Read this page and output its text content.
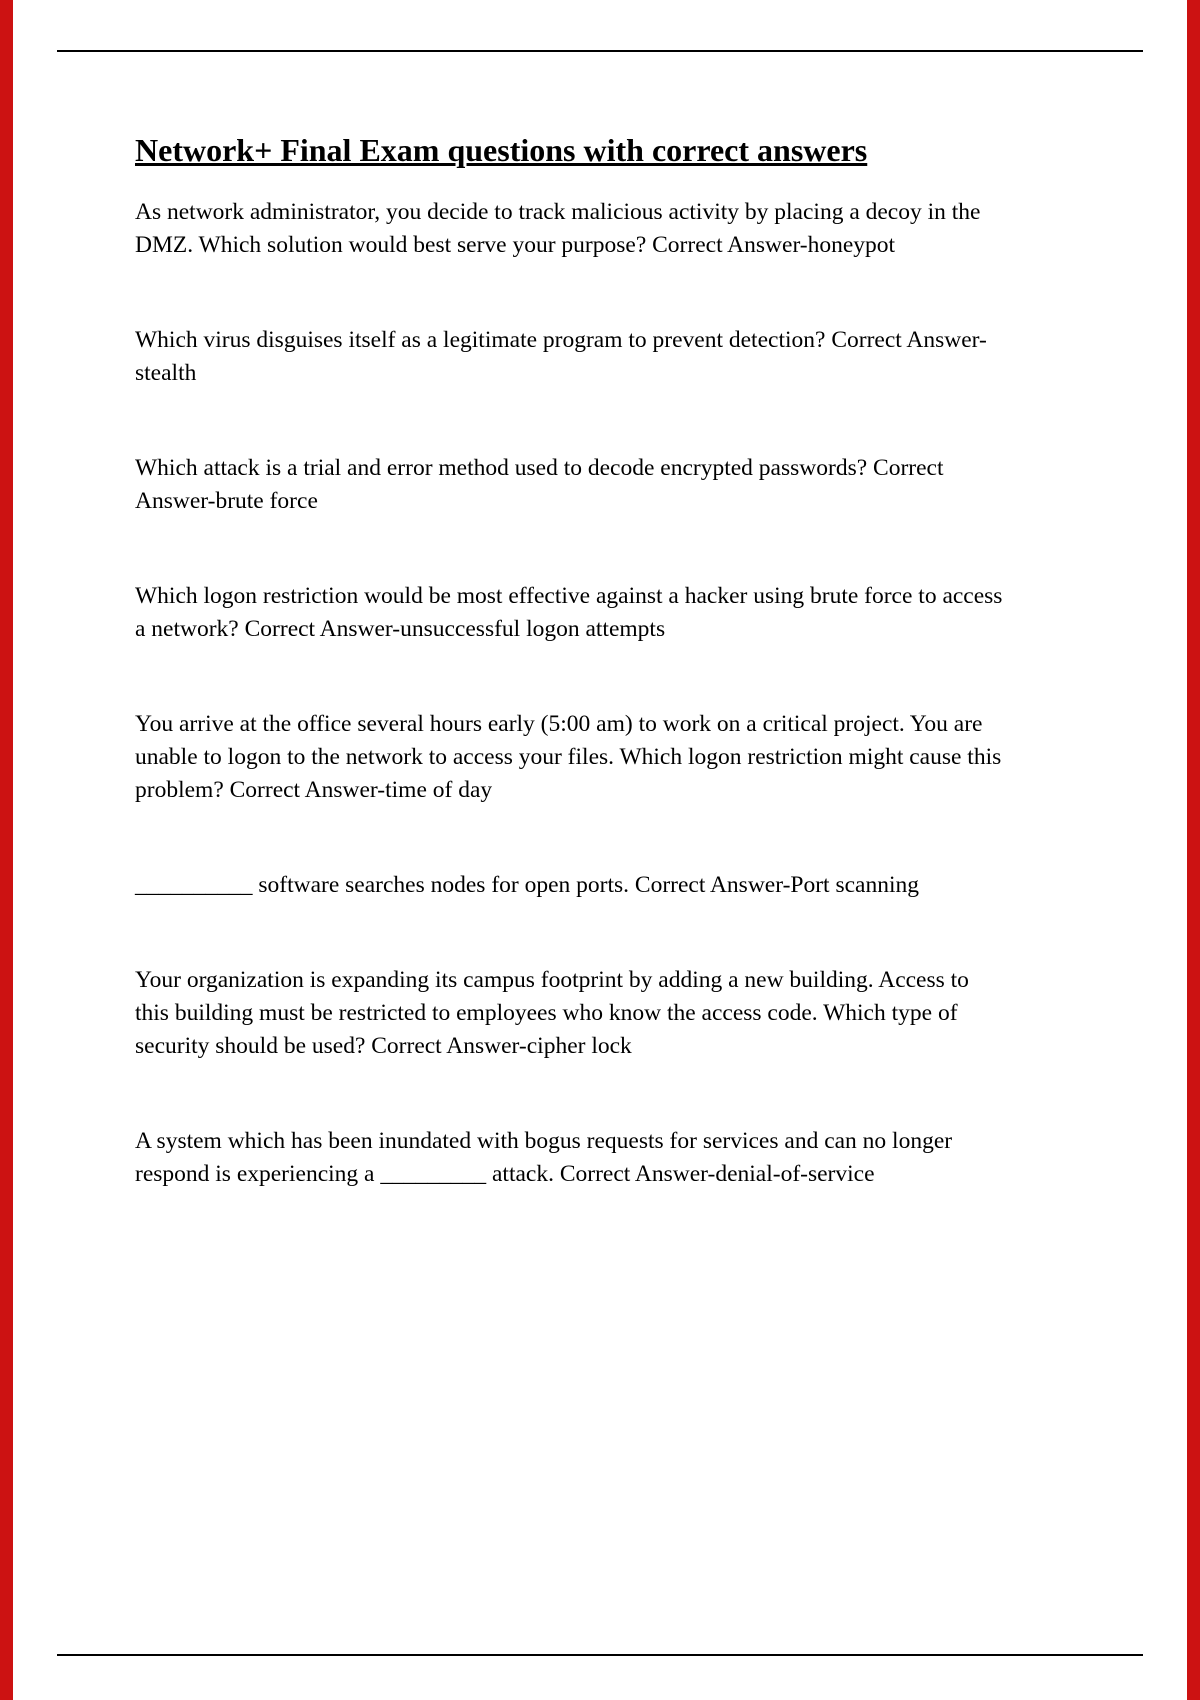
Network+ Final Exam questions with correct answers

As network administrator, you decide to track malicious activity by placing a decoy in the DMZ. Which solution would best serve your purpose? Correct Answer-honeypot

Which virus disguises itself as a legitimate program to prevent detection? Correct Answer-stealth

Which attack is a trial and error method used to decode encrypted passwords? Correct Answer-brute force

Which logon restriction would be most effective against a hacker using brute force to access a network? Correct Answer-unsuccessful logon attempts

You arrive at the office several hours early (5:00 am) to work on a critical project. You are unable to logon to the network to access your files. Which logon restriction might cause this problem? Correct Answer-time of day

__________ software searches nodes for open ports. Correct Answer-Port scanning

Your organization is expanding its campus footprint by adding a new building. Access to this building must be restricted to employees who know the access code. Which type of security should be used? Correct Answer-cipher lock

A system which has been inundated with bogus requests for services and can no longer respond is experiencing a _________ attack. Correct Answer-denial-of-service
